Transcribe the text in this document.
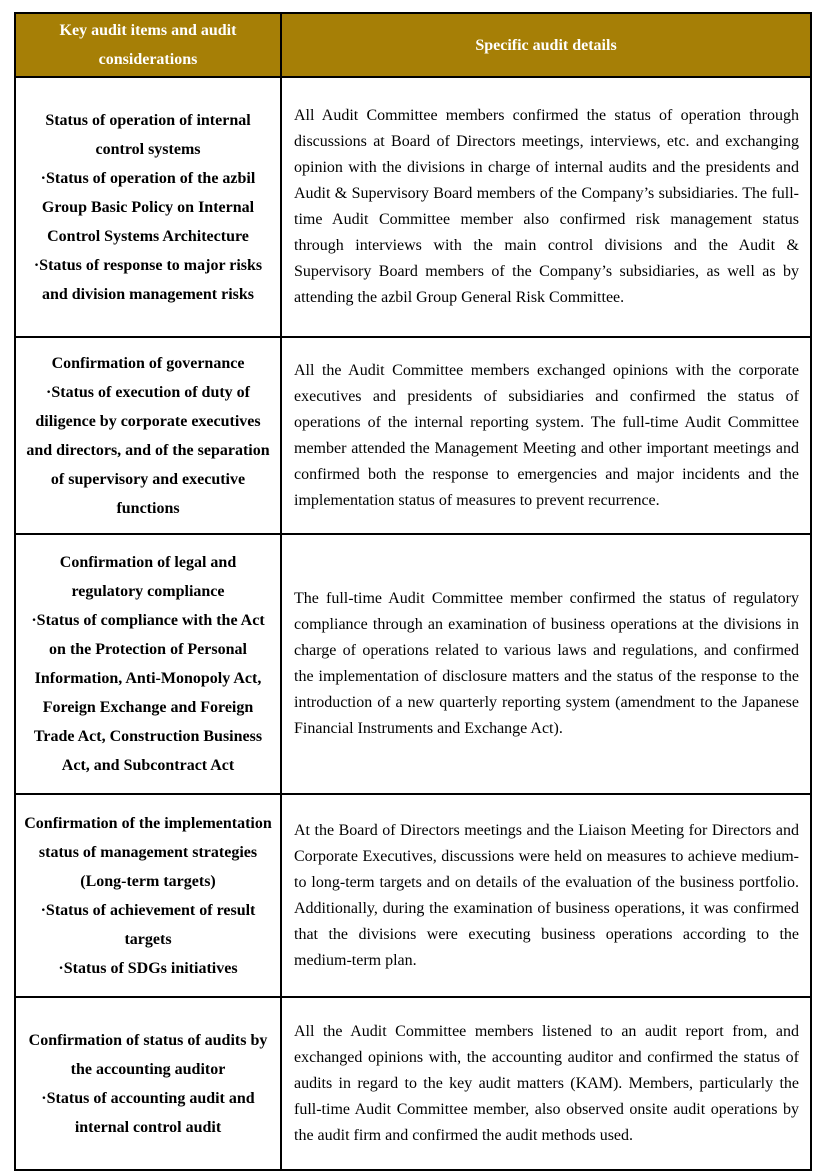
Key audit items and audit considerations	Specific audit details

Status of operation of internal control systems
·Status of operation of the azbil Group Basic Policy on Internal Control Systems Architecture
·Status of response to major risks and division management risks
	All Audit Committee members confirmed the status of operation through discussions at Board of Directors meetings, interviews, etc. and exchanging opinion with the divisions in charge of internal audits and the presidents and Audit & Supervisory Board members of the Company’s subsidiaries. The full-time Audit Committee member also confirmed risk management status through interviews with the main control divisions and the Audit & Supervisory Board members of the Company’s subsidiaries, as well as by attending the azbil Group General Risk Committee.

Confirmation of governance
·Status of execution of duty of diligence by corporate executives and directors, and of the separation of supervisory and executive functions	All the Audit Committee members exchanged opinions with the corporate executives and presidents of subsidiaries and confirmed the status of operations of the internal reporting system. The full-time Audit Committee member attended the Management Meeting and other important meetings and confirmed both the response to emergencies and major incidents and the implementation status of measures to prevent recurrence.

Confirmation of legal and regulatory compliance
·Status of compliance with the Act on the Protection of Personal Information, Anti-Monopoly Act, Foreign Exchange and Foreign Trade Act, Construction Business Act, and Subcontract Act
	The full-time Audit Committee member confirmed the status of regulatory compliance through an examination of business operations at the divisions in charge of operations related to various laws and regulations, and confirmed the implementation of disclosure matters and the status of the response to the introduction of a new quarterly reporting system (amendment to the Japanese Financial Instruments and Exchange Act).

Confirmation of the implementation status of management strategies (Long-term targets)
·Status of achievement of result targets
·Status of SDGs initiatives
	At the Board of Directors meetings and the Liaison Meeting for Directors and Corporate Executives, discussions were held on measures to achieve medium- to long-term targets and on details of the evaluation of the business portfolio. Additionally, during the examination of business operations, it was confirmed that the divisions were executing business operations according to the medium-term plan.

Confirmation of status of audits by the accounting auditor
·Status of accounting audit and internal control audit	All the Audit Committee members listened to an audit report from, and exchanged opinions with, the accounting auditor and confirmed the status of audits in regard to the key audit matters (KAM). Members, particularly the full-time Audit Committee member, also observed onsite audit operations by the audit firm and confirmed the audit methods used.
